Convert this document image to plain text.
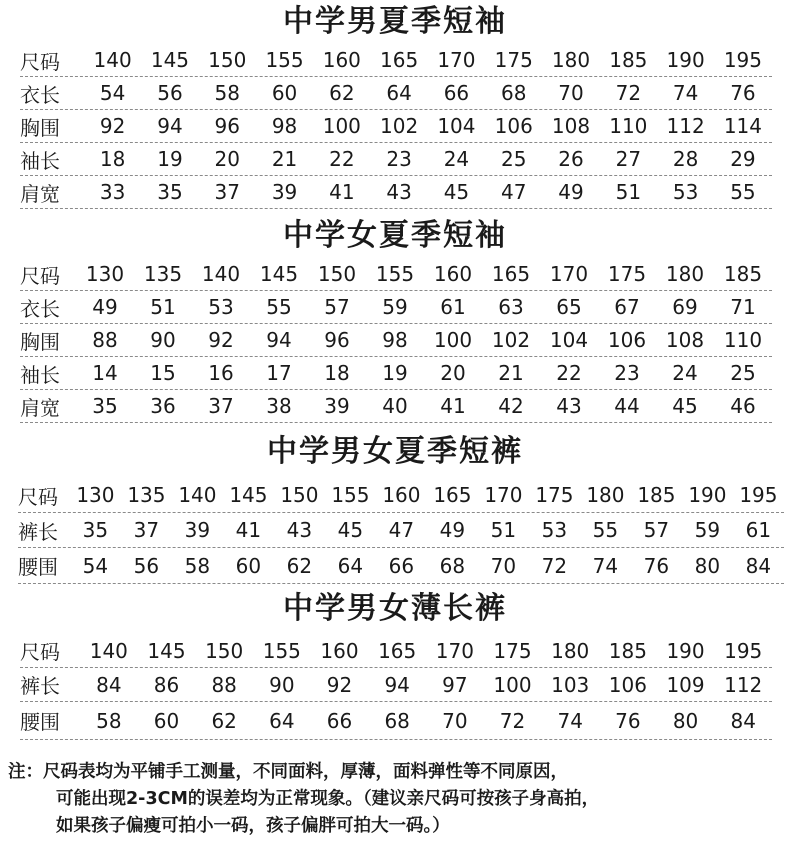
中学男夏季短袖
尺码	140 145 150 155 160 165 170 175 180 185 190 195
衣长	54	56	58	60	62	64	66	68	70	72	74	76
胸围	92	94	96	98	100 102 104 106 108 110 112 114
袖长	18	19	20	21	22	23	24	25	26	27	28	29
肩宽	33	35	37	39	41	43	45	47	49	51	53	55
中学女夏季短袖
尺码	130 135 140 145 150 155 160 165 170 175 180 185
衣长	49	51	53	55	57	59	61	63	65	67	69	71
胸围	88	90	92	94	96	98	100 102 104 106 108 110
袖长	14	15	16	17	18	19	20	21	22	23	24	25
肩宽	35	36	37	38	39	40	41	42	43	44	45	46
中学男女夏季短裤
尺码 130 135 140 145 150 155 160 165 170 175 180 185 190 195
裤长	35	37	39	41	43	45	47	49	51	53	55	57	59	61
腰围	54	56	58	60	62	64	66	68	70	72	74	76	80	84
中学男女薄长裤
尺码	140 145 150 155 160 165 170 175 180 185 190 195
裤长	84	86	88	90	92	94	97	100 103 106 109 112
腰围	58	60	62	64	66	68	70	72	74	76	80	84
注：尺码表均为平铺手工测量，不同面料，厚薄，面料弹性等不同原因，
可能出现2-3CM的误差均为正常现象。（建议亲尺码可按孩子身高拍，
如果孩子偏瘦可拍小一码，孩子偏胖可拍大一码。）
